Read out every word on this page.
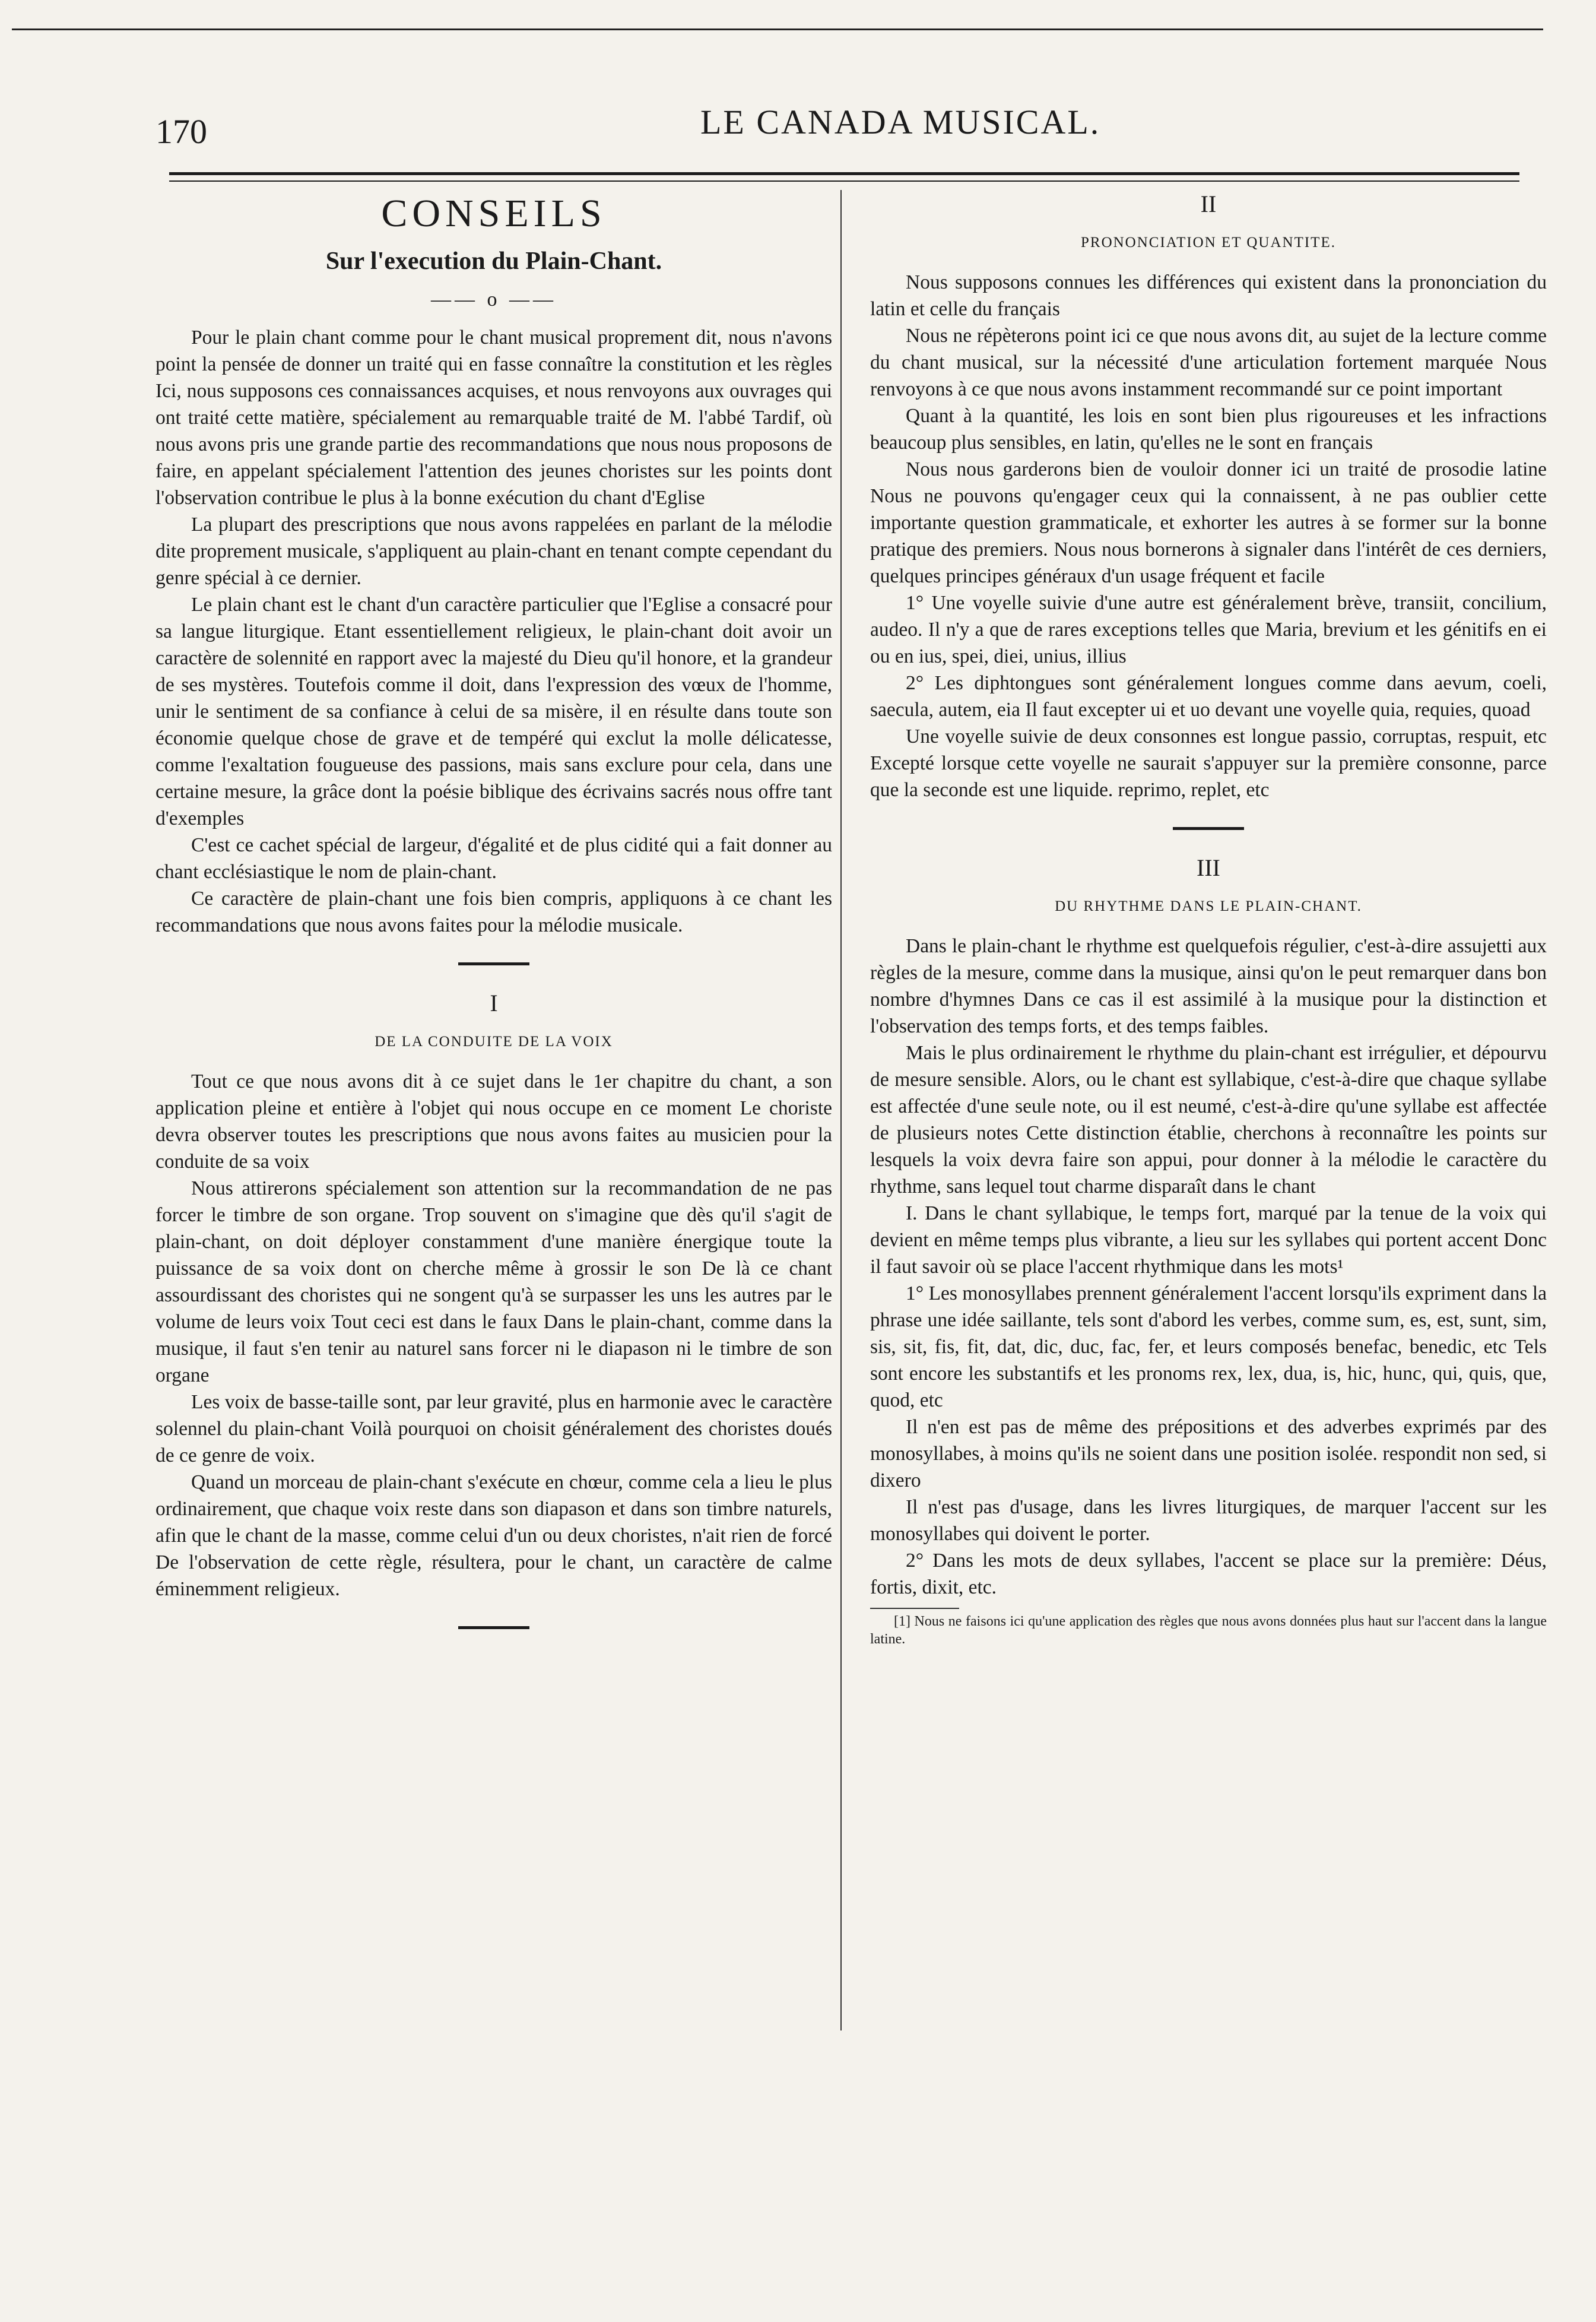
170	LE CANADA MUSICAL.
CONSEILS
Sur l'execution du Plain-Chant.
—— o ——

Pour le plain chant comme pour le chant musical proprement dit, nous n'avons point la pensée de donner un traité qui en fasse connaître la constitution et les règles Ici, nous supposons ces connaissances acquises, et nous renvoyons aux ouvrages qui ont traité cette matière, spécialement au remarquable traité de M. l'abbé Tardif, où nous avons pris une grande partie des recommandations que nous nous proposons de faire, en appelant spécialement l'attention des jeunes choristes sur les points dont l'observation contribue le plus à la bonne exécution du chant d'Eglise

La plupart des prescriptions que nous avons rappelées en parlant de la mélodie dite proprement musicale, s'appliquent au plain-chant en tenant compte cependant du genre spécial à ce dernier.

Le plain chant est le chant d'un caractère particulier que l'Eglise a consacré pour sa langue liturgique. Etant essentiellement religieux, le plain-chant doit avoir un caractère de solennité en rapport avec la majesté du Dieu qu'il honore, et la grandeur de ses mystères. Toutefois comme il doit, dans l'expression des vœux de l'homme, unir le sentiment de sa confiance à celui de sa misère, il en résulte dans toute son économie quelque chose de grave et de tempéré qui exclut la molle délicatesse, comme l'exaltation fougueuse des passions, mais sans exclure pour cela, dans une certaine mesure, la grâce dont la poésie biblique des écrivains sacrés nous offre tant d'exemples

C'est ce cachet spécial de largeur, d'égalité et de plus cidité qui a fait donner au chant ecclésiastique le nom de plain-chant.

Ce caractère de plain-chant une fois bien compris, appliquons à ce chant les recommandations que nous avons faites pour la mélodie musicale.

I
DE LA CONDUITE DE LA VOIX

Tout ce que nous avons dit à ce sujet dans le 1er chapitre du chant, a son application pleine et entière à l'objet qui nous occupe en ce moment Le choriste devra observer toutes les prescriptions que nous avons faites au musicien pour la conduite de sa voix

Nous attirerons spécialement son attention sur la recommandation de ne pas forcer le timbre de son organe. Trop souvent on s'imagine que dès qu'il s'agit de plain-chant, on doit déployer constamment d'une manière énergique toute la puissance de sa voix dont on cherche même à grossir le son De là ce chant assourdissant des choristes qui ne songent qu'à se surpasser les uns les autres par le volume de leurs voix Tout ceci est dans le faux Dans le plain-chant, comme dans la musique, il faut s'en tenir au naturel sans forcer ni le diapason ni le timbre de son organe

Les voix de basse-taille sont, par leur gravité, plus en harmonie avec le caractère solennel du plain-chant Voilà pourquoi on choisit généralement des choristes doués de ce genre de voix.

Quand un morceau de plain-chant s'exécute en chœur, comme cela a lieu le plus ordinairement, que chaque voix reste dans son diapason et dans son timbre naturels, afin que le chant de la masse, comme celui d'un ou deux choristes, n'ait rien de forcé De l'observation de cette règle, résultera, pour le chant, un caractère de calme éminemment religieux.

II
PRONONCIATION ET QUANTITE.

Nous supposons connues les différences qui existent dans la prononciation du latin et celle du français

Nous ne répèterons point ici ce que nous avons dit, au sujet de la lecture comme du chant musical, sur la nécessité d'une articulation fortement marquée Nous renvoyons à ce que nous avons instamment recommandé sur ce point important

Quant à la quantité, les lois en sont bien plus rigoureuses et les infractions beaucoup plus sensibles, en latin, qu'elles ne le sont en français

Nous nous garderons bien de vouloir donner ici un traité de prosodie latine Nous ne pouvons qu'engager ceux qui la connaissent, à ne pas oublier cette importante question grammaticale, et exhorter les autres à se former sur la bonne pratique des premiers. Nous nous bornerons à signaler dans l'intérêt de ces derniers, quelques principes généraux d'un usage fréquent et facile

1° Une voyelle suivie d'une autre est généralement brève, transiit, concilium, audeo. Il n'y a que de rares exceptions telles que Maria, brevium et les génitifs en ei ou en ius, spei, diei, unius, illius

2° Les diphtongues sont généralement longues comme dans aevum, coeli, saecula, autem, eia Il faut excepter ui et uo devant une voyelle quia, requies, quoad

Une voyelle suivie de deux consonnes est longue passio, corruptas, respuit, etc Excepté lorsque cette voyelle ne saurait s'appuyer sur la première consonne, parce que la seconde est une liquide. reprimo, replet, etc

III
DU RHYTHME DANS LE PLAIN-CHANT.

Dans le plain-chant le rhythme est quelquefois régulier, c'est-à-dire assujetti aux règles de la mesure, comme dans la musique, ainsi qu'on le peut remarquer dans bon nombre d'hymnes Dans ce cas il est assimilé à la musique pour la distinction et l'observation des temps forts, et des temps faibles.

Mais le plus ordinairement le rhythme du plain-chant est irrégulier, et dépourvu de mesure sensible. Alors, ou le chant est syllabique, c'est-à-dire que chaque syllabe est affectée d'une seule note, ou il est neumé, c'est-à-dire qu'une syllabe est affectée de plusieurs notes Cette distinction établie, cherchons à reconnaître les points sur lesquels la voix devra faire son appui, pour donner à la mélodie le caractère du rhythme, sans lequel tout charme disparaît dans le chant

I. Dans le chant syllabique, le temps fort, marqué par la tenue de la voix qui devient en même temps plus vibrante, a lieu sur les syllabes qui portent accent Donc il faut savoir où se place l'accent rhythmique dans les mots¹

1° Les monosyllabes prennent généralement l'accent lorsqu'ils expriment dans la phrase une idée saillante, tels sont d'abord les verbes, comme sum, es, est, sunt, sim, sis, sit, fis, fit, dat, dic, duc, fac, fer, et leurs composés benefac, benedic, etc Tels sont encore les substantifs et les pronoms rex, lex, dua, is, hic, hunc, qui, quis, que, quod, etc

Il n'en est pas de même des prépositions et des adverbes exprimés par des monosyllabes, à moins qu'ils ne soient dans une position isolée. respondit non sed, si dixero

Il n'est pas d'usage, dans les livres liturgiques, de marquer l'accent sur les monosyllabes qui doivent le porter.

2° Dans les mots de deux syllabes, l'accent se place sur la première: Déus, fortis, dixit, etc.

[1] Nous ne faisons ici qu'une application des règles que nous avons données plus haut sur l'accent dans la langue latine.
